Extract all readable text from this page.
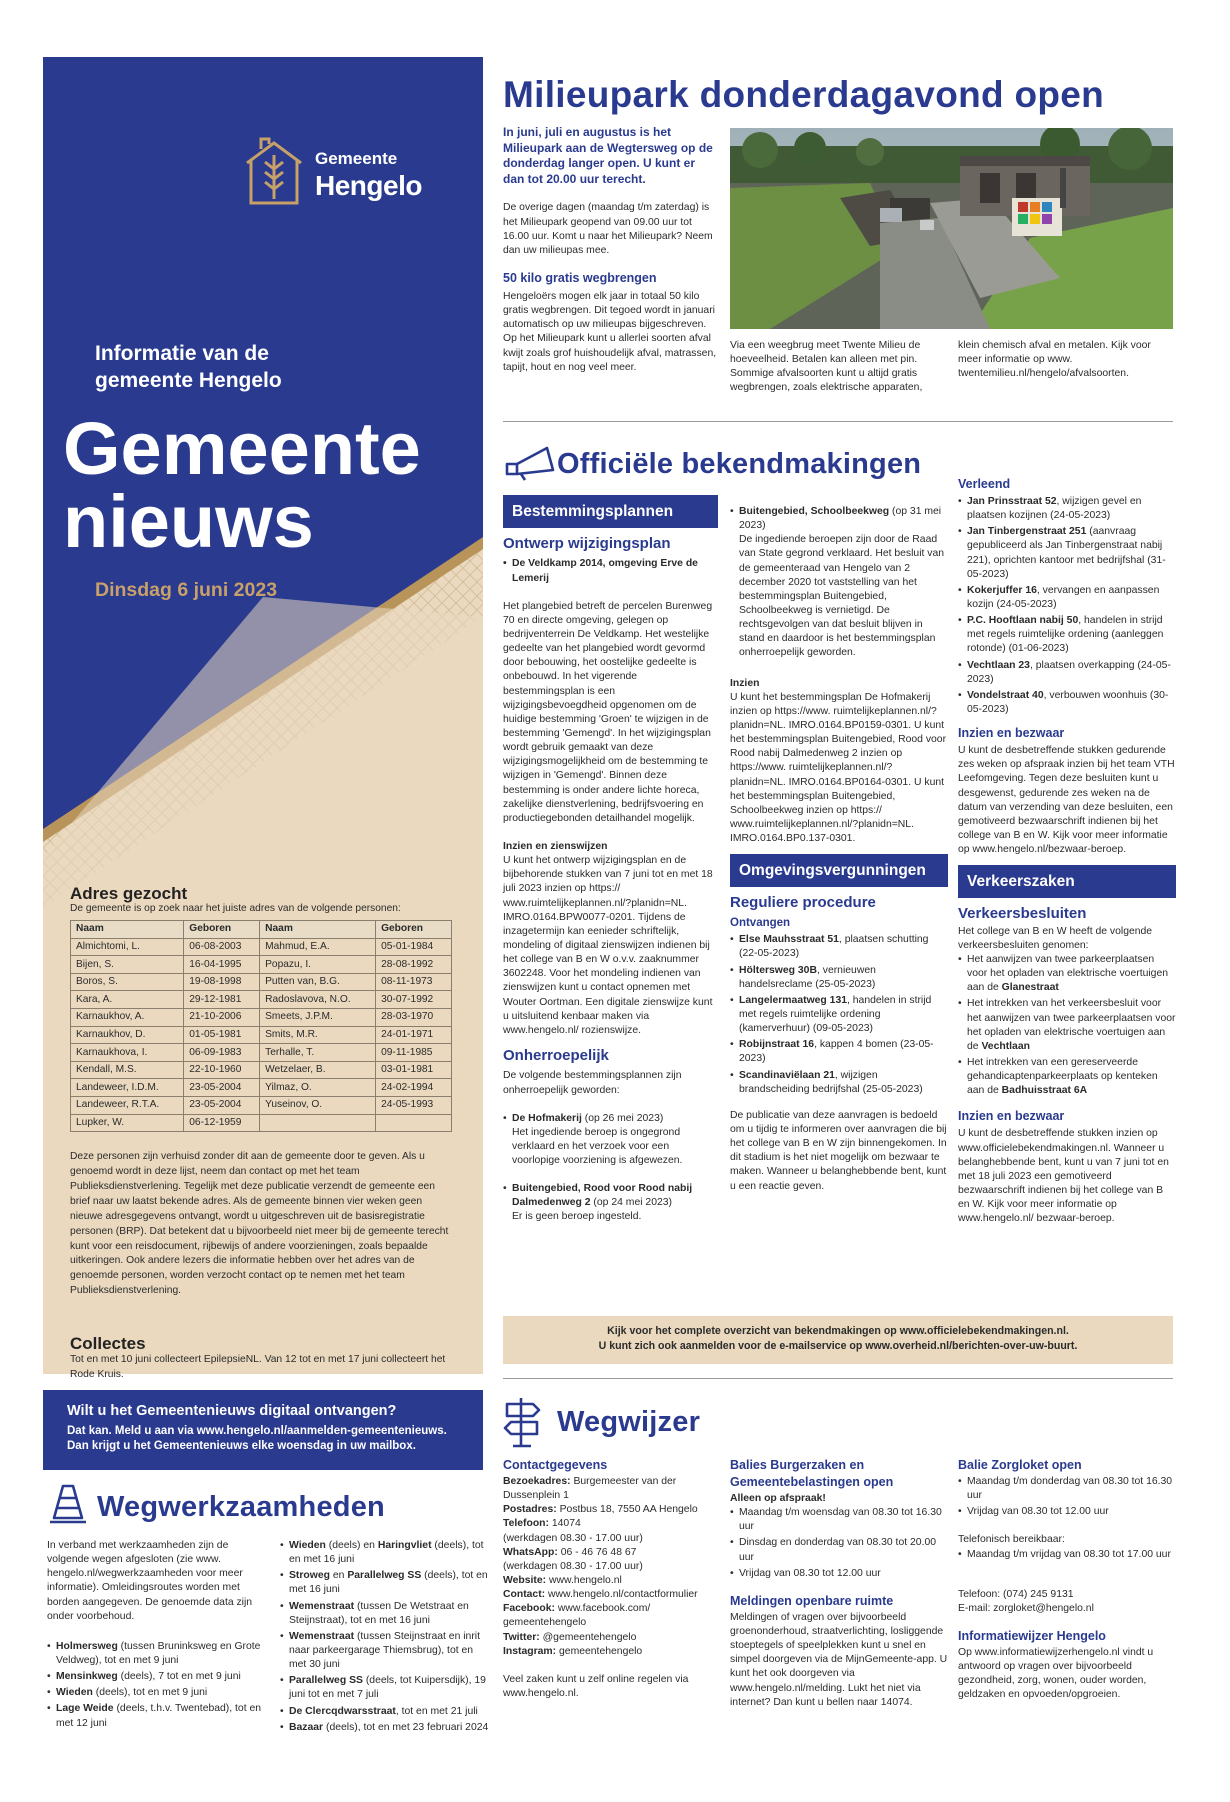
Gemeente
Hengelo
Informatie van de
gemeente Hengelo
Gemeente
nieuws
Dinsdag 6 juni 2023
Adres gezocht
De gemeente is op zoek naar het juiste adres van de volgende personen:
Naam	Geboren	Naam	Geboren
Almichtomi, L.	06-08-2003	Mahmud, E.A.	05-01-1984
Bijen, S.	16-04-1995	Popazu, I.	28-08-1992
Boros, S.	19-08-1998	Putten van, B.G.	08-11-1973
Kara, A.	29-12-1981	Radoslavova, N.O.	30-07-1992
Karnaukhov, A.	21-10-2006	Smeets, J.P.M.	28-03-1970
Karnaukhov, D.	01-05-1981	Smits, M.R.	24-01-1971
Karnaukhova, I.	06-09-1983	Terhalle, T.	09-11-1985
Kendall, M.S.	22-10-1960	Wetzelaer, B.	03-01-1981
Landeweer, I.D.M.	23-05-2004	Yilmaz, O.	24-02-1994
Landeweer, R.T.A.	23-05-2004	Yuseinov, O.	24-05-1993
Lupker, W.	06-12-1959		
Deze personen zijn verhuisd zonder dit aan de gemeente door te geven. Als u genoemd wordt in deze lijst, neem dan contact op met het team Publieksdienstverlening. Tegelijk met deze publicatie verzendt de gemeente een brief naar uw laatst bekende adres. Als de gemeente binnen vier weken geen nieuwe adresgegevens ontvangt, wordt u uitgeschreven uit de basisregistratie personen (BRP). Dat betekent dat u bijvoorbeeld niet meer bij de gemeente terecht kunt voor een reisdocument, rijbewijs of andere voorzieningen, zoals bepaalde uitkeringen. Ook andere lezers die informatie hebben over het adres van de genoemde personen, worden verzocht contact op te nemen met het team Publieksdienstverlening.
Collectes
Tot en met 10 juni collecteert EpilepsieNL. Van 12 tot en met 17 juni collecteert het Rode Kruis.
Wilt u het Gemeentenieuws digitaal ontvangen?
Dat kan. Meld u aan via www.hengelo.nl/aanmelden-gemeentenieuws.
Dan krijgt u het Gemeentenieuws elke woensdag in uw mailbox.
Wegwerkzaamheden

In verband met werkzaamheden zijn de volgende wegen afgesloten (zie www. hengelo.nl/wegwerkzaamheden voor meer informatie). Omleidingsroutes worden met borden aangegeven. De genoemde data zijn onder voorbehoud.

• Holmersweg (tussen Bruninksweg en Grote Veldweg), tot en met 9 juni
• Mensinkweg (deels), 7 tot en met 9 juni
• Wieden (deels), tot en met 9 juni
• Lage Weide (deels, t.h.v. Twentebad), tot en met 12 juni
• Wieden (deels) en Haringvliet (deels), tot en met 16 juni
• Stroweg en Parallelweg SS (deels), tot en met 16 juni
• Wemenstraat (tussen De Wetstraat en Steijnstraat), tot en met 16 juni
• Wemenstraat (tussen Steijnstraat en inrit naar parkeergarage Thiemsbrug), tot en met 30 juni
• Parallelweg SS (deels, tot Kuipersdijk), 19 juni tot en met 7 juli
• De Clercqdwarsstraat, tot en met 21 juli
• Bazaar (deels), tot en met 23 februari 2024
Milieupark donderdagavond open

In juni, juli en augustus is het Milieupark aan de Wegtersweg op de donderdag langer open. U kunt er dan tot 20.00 uur terecht.

De overige dagen (maandag t/m zaterdag) is het Milieupark geopend van 09.00 uur tot 16.00 uur. Komt u naar het Milieupark? Neem dan uw milieupas mee.

50 kilo gratis wegbrengen

Hengeloërs mogen elk jaar in totaal 50 kilo gratis wegbrengen. Dit tegoed wordt in januari automatisch op uw milieupas bijgeschreven. Op het Milieupark kunt u allerlei soorten afval kwijt zoals grof huishoudelijk afval, matrassen, tapijt, hout en nog veel meer.

Via een weegbrug meet Twente Milieu de hoeveelheid. Betalen kan alleen met pin. Sommige afvalsoorten kunt u altijd gratis wegbrengen, zoals elektrische apparaten,

klein chemisch afval en metalen. Kijk voor meer informatie op www. twentemilieu.nl/hengelo/afvalsoorten.

Officiële bekendmakingen
Bestemmingsplannen
Ontwerp wijzigingsplan
• De Veldkamp 2014, omgeving Erve de Lemerij

Het plangebied betreft de percelen Burenweg 70 en directe omgeving, gelegen op bedrijventerrein De Veldkamp. Het westelijke gedeelte van het plangebied wordt gevormd door bebouwing, het oostelijke gedeelte is onbebouwd. In het vigerende bestemmingsplan is een wijzigingsbevoegdheid opgenomen om de huidige bestemming 'Groen' te wijzigen in de bestemming 'Gemengd'. In het wijzigingsplan wordt gebruik gemaakt van deze wijzigingsmogelijkheid om de bestemming te wijzigen in 'Gemengd'. Binnen deze bestemming is onder andere lichte horeca, zakelijke dienstverlening, bedrijfsvoering en productiegebonden detailhandel mogelijk.

Inzien en zienswijzen

U kunt het ontwerp wijzigingsplan en de bijbehorende stukken van 7 juni tot en met 18 juli 2023 inzien op https:// www.ruimtelijkeplannen.nl/?planidn=NL. IMRO.0164.BPW0077-0201. Tijdens de inzagetermijn kan eenieder schriftelijk, mondeling of digitaal zienswijzen indienen bij het college van B en W o.v.v. zaaknummer 3602248. Voor het mondeling indienen van zienswijzen kunt u contact opnemen met Wouter Oortman. Een digitale zienswijze kunt u uitsluitend kenbaar maken via www.hengelo.nl/ rozienswijze.

Onherroepelijk

De volgende bestemmingsplannen zijn onherroepelijk geworden:

• De Hofmakerij (op 26 mei 2023)
Het ingediende beroep is ongegrond verklaard en het verzoek voor een voorlopige voorziening is afgewezen.
• Buitengebied, Rood voor Rood nabij Dalmedenweg 2 (op 24 mei 2023)
Er is geen beroep ingesteld.
• Buitengebied, Schoolbeekweg (op 31 mei 2023)
De ingediende beroepen zijn door de Raad van State gegrond verklaard. Het besluit van de gemeenteraad van Hengelo van 2 december 2020 tot vaststelling van het bestemmingsplan Buitengebied, Schoolbeekweg is vernietigd. De rechtsgevolgen van dat besluit blijven in stand en daardoor is het bestemmingsplan onherroepelijk geworden.
Inzien

U kunt het bestemmingsplan De Hofmakerij inzien op https://www. ruimtelijkeplannen.nl/?planidn=NL. IMRO.0164.BP0159-0301. U kunt het bestemmingsplan Buitengebied, Rood voor Rood nabij Dalmedenweg 2 inzien op https://www. ruimtelijkeplannen.nl/?planidn=NL. IMRO.0164.BP0164-0301. U kunt het bestemmingsplan Buitengebied, Schoolbeekweg inzien op https:// www.ruimtelijkeplannen.nl/?planidn=NL. IMRO.0164.BP0.137-0301.

Omgevingsvergunningen
Reguliere procedure
Ontvangen
• Else Mauhsstraat 51, plaatsen schutting (22-05-2023)
• Höltersweg 30B, vernieuwen handelsreclame (25-05-2023)
• Langelermaatweg 131, handelen in strijd met regels ruimtelijke ordening (kamerverhuur) (09-05-2023)
• Robijnstraat 16, kappen 4 bomen (23-05-2023)
• Scandinaviëlaan 21, wijzigen brandscheiding bedrijfshal (25-05-2023)

De publicatie van deze aanvragen is bedoeld om u tijdig te informeren over aanvragen die bij het college van B en W zijn binnengekomen. In dit stadium is het niet mogelijk om bezwaar te maken. Wanneer u belanghebbende bent, kunt u een reactie geven.

Verleend
• Jan Prinsstraat 52, wijzigen gevel en plaatsen kozijnen (24-05-2023)
• Jan Tinbergenstraat 251 (aanvraag gepubliceerd als Jan Tinbergenstraat nabij 221), oprichten kantoor met bedrijfshal (31-05-2023)
• Kokerjuffer 16, vervangen en aanpassen kozijn (24-05-2023)
• P.C. Hooftlaan nabij 50, handelen in strijd met regels ruimtelijke ordening (aanleggen rotonde) (01-06-2023)
• Vechtlaan 23, plaatsen overkapping (24-05-2023)
• Vondelstraat 40, verbouwen woonhuis (30-05-2023)
Inzien en bezwaar

U kunt de desbetreffende stukken gedurende zes weken op afspraak inzien bij het team VTH Leefomgeving. Tegen deze besluiten kunt u desgewenst, gedurende zes weken na de datum van verzending van deze besluiten, een gemotiveerd bezwaarschrift indienen bij het college van B en W. Kijk voor meer informatie op www.hengelo.nl/bezwaar-beroep.

Verkeerszaken
Verkeersbesluiten

Het college van B en W heeft de volgende verkeersbesluiten genomen:

• Het aanwijzen van twee parkeerplaatsen voor het opladen van elektrische voertuigen aan de Glanestraat
• Het intrekken van het verkeersbesluit voor het aanwijzen van twee parkeerplaatsen voor het opladen van elektrische voertuigen aan de Vechtlaan
• Het intrekken van een gereserveerde gehandicaptenparkeerplaats op kenteken aan de Badhuisstraat 6A
Inzien en bezwaar

U kunt de desbetreffende stukken inzien op www.officielebekendmakingen.nl. Wanneer u belanghebbende bent, kunt u van 7 juni tot en met 18 juli 2023 een gemotiveerd bezwaarschrift indienen bij het college van B en W. Kijk voor meer informatie op www.hengelo.nl/ bezwaar-beroep.

Kijk voor het complete overzicht van bekendmakingen op www.officielebekendmakingen.nl.
U kunt zich ook aanmelden voor de e-mailservice op www.overheid.nl/berichten-over-uw-buurt.
Wegwijzer
Contactgegevens
Bezoekadres: Burgemeester van der Dussenplein 1
Postadres: Postbus 18, 7550 AA Hengelo
Telefoon: 14074
(werkdagen 08.30 - 17.00 uur)
WhatsApp: 06 - 46 76 48 67
(werkdagen 08.30 - 17.00 uur)
Website: www.hengelo.nl
Contact: www.hengelo.nl/contactformulier
Facebook: www.facebook.com/ gemeentehengelo
Twitter: @gemeentehengelo
Instagram: gemeentehengelo

Veel zaken kunt u zelf online regelen via www.hengelo.nl.

Balies Burgerzaken en Gemeentebelastingen open
Alleen op afspraak!
• Maandag t/m woensdag van 08.30 tot 16.30 uur
• Dinsdag en donderdag van 08.30 tot 20.00 uur
• Vrijdag van 08.30 tot 12.00 uur
Meldingen openbare ruimte

Meldingen of vragen over bijvoorbeeld groenonderhoud, straatverlichting, losliggende stoeptegels of speelplekken kunt u snel en simpel doorgeven via de MijnGemeente-app. U kunt het ook doorgeven via www.hengelo.nl/melding. Lukt het niet via internet? Dan kunt u bellen naar 14074.

Balie Zorgloket open
• Maandag t/m donderdag van 08.30 tot 16.30 uur
• Vrijdag van 08.30 tot 12.00 uur
Telefonisch bereikbaar:
• Maandag t/m vrijdag van 08.30 tot 17.00 uur
Telefoon: (074) 245 9131
E-mail: zorgloket@hengelo.nl
Informatiewijzer Hengelo

Op www.informatiewijzerhengelo.nl vindt u antwoord op vragen over bijvoorbeeld gezondheid, zorg, wonen, ouder worden, geldzaken en opvoeden/opgroeien.
